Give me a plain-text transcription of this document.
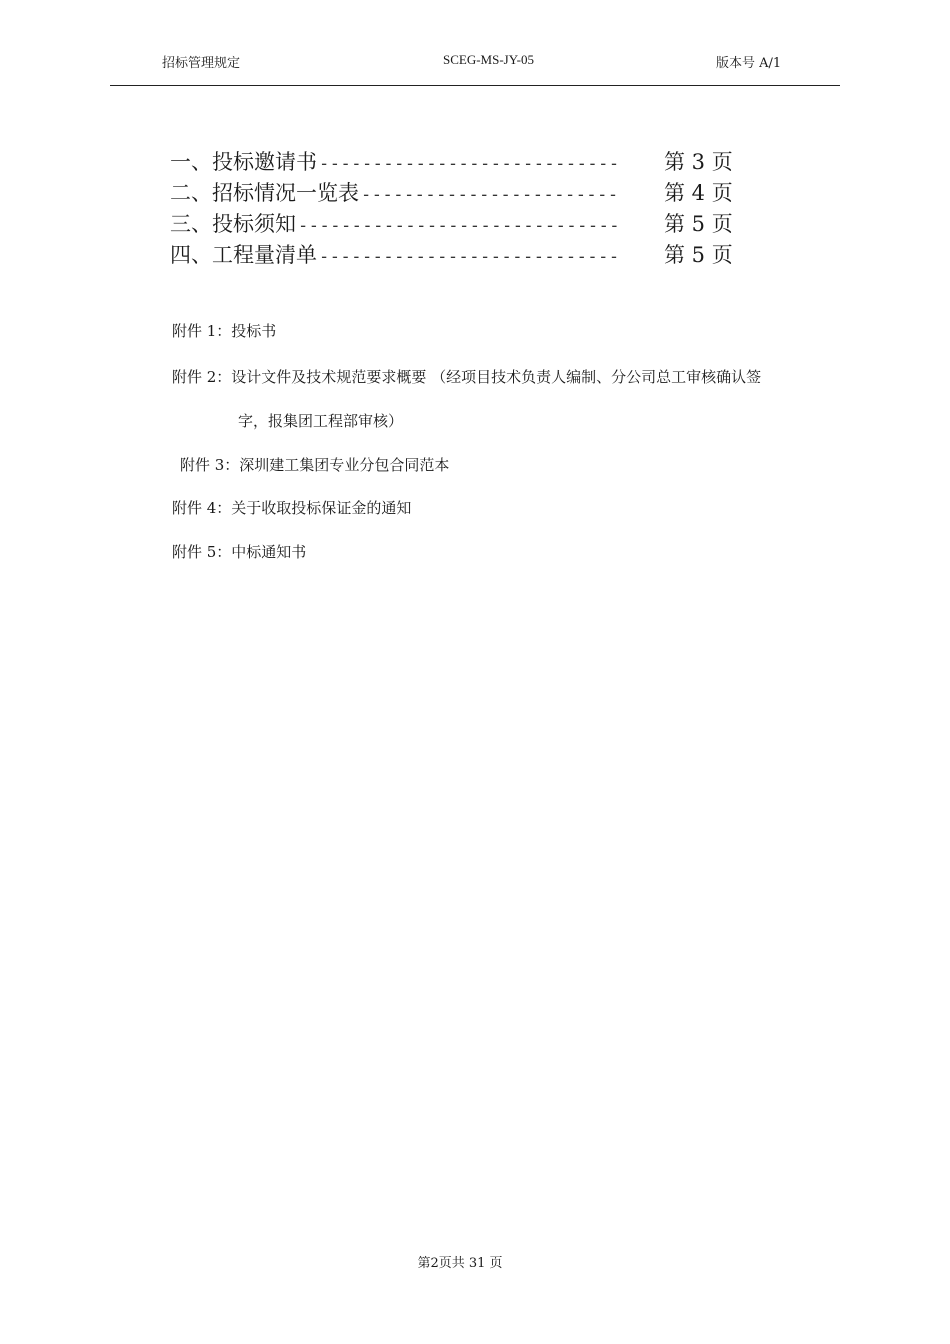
招标管理规定	SCEG-MS-JY-05	版本号 A/1
一、投标邀请书 ----------------------------	第 3 页
二、招标情况一览表 ------------------------	第 4 页
三、投标须知 ------------------------------	第 5 页
四、工程量清单 ----------------------------	第 5 页
附件 1：投标书
附件 2：设计文件及技术规范要求概要 （经项目技术负责人编制、分公司总工审核确认签
字，报集团工程部审核）
附件 3：深圳建工集团专业分包合同范本
附件 4：关于收取投标保证金的通知
附件 5：中标通知书
第2页共 31 页
